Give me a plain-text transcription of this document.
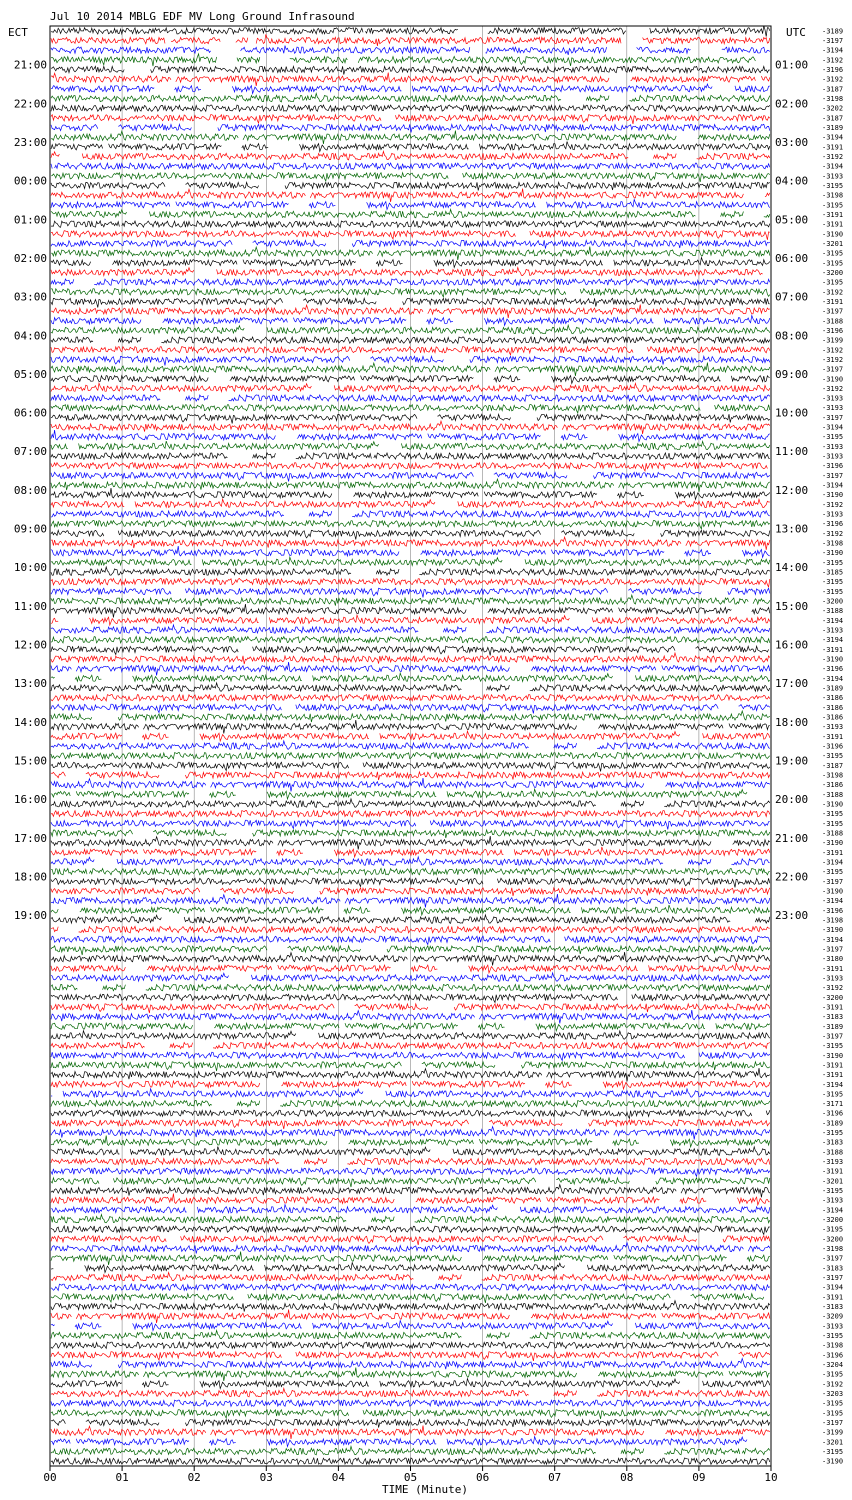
Jul 10 2014 MBLG EDF MV Long Ground Infrasound
ECT	UTC
TIME (Minute)
00	01	02	03	04	05	06	07	08	09	10
21:00
22:00
23:00
00:00
01:00
02:00
03:00
04:00
05:00
06:00
07:00
08:00
09:00
10:00
11:00
12:00
13:00
14:00
15:00
16:00
17:00
18:00
19:00
01:00
02:00
03:00
04:00
05:00
06:00
07:00
08:00
09:00
10:00
11:00
12:00
13:00
14:00
15:00
16:00
17:00
18:00
19:00
20:00
21:00
22:00
23:00
-3189
-3197
-3194
-3192
-3196
-3192
-3187
-3198
-3202
-3187
-3189
-3194
-3191
-3192
-3194
-3193
-3195
-3198
-3195
-3191
-3191
-3190
-3201
-3195
-3195
-3200
-3195
-3192
-3191
-3197
-3188
-3196
-3199
-3192
-3192
-3197
-3190
-3192
-3193
-3193
-3197
-3194
-3195
-3193
-3193
-3196
-3197
-3194
-3190
-3192
-3193
-3196
-3192
-3198
-3190
-3195
-3185
-3195
-3195
-3200
-3188
-3194
-3193
-3194
-3191
-3190
-3196
-3194
-3189
-3186
-3186
-3186
-3193
-3191
-3196
-3195
-3187
-3198
-3186
-3188
-3190
-3195
-3195
-3188
-3190
-3191
-3194
-3195
-3197
-3190
-3194
-3196
-3198
-3190
-3194
-3197
-3180
-3191
-3193
-3192
-3200
-3191
-3183
-3189
-3197
-3195
-3190
-3191
-3191
-3194
-3195
-3171
-3196
-3189
-3195
-3183
-3188
-3193
-3191
-3201
-3195
-3193
-3194
-3200
-3195
-3200
-3198
-3197
-3183
-3197
-3194
-3191
-3183
-3209
-3193
-3195
-3198
-3196
-3204
-3195
-3192
-3203
-3195
-3195
-3197
-3199
-3201
-3195
-3190
